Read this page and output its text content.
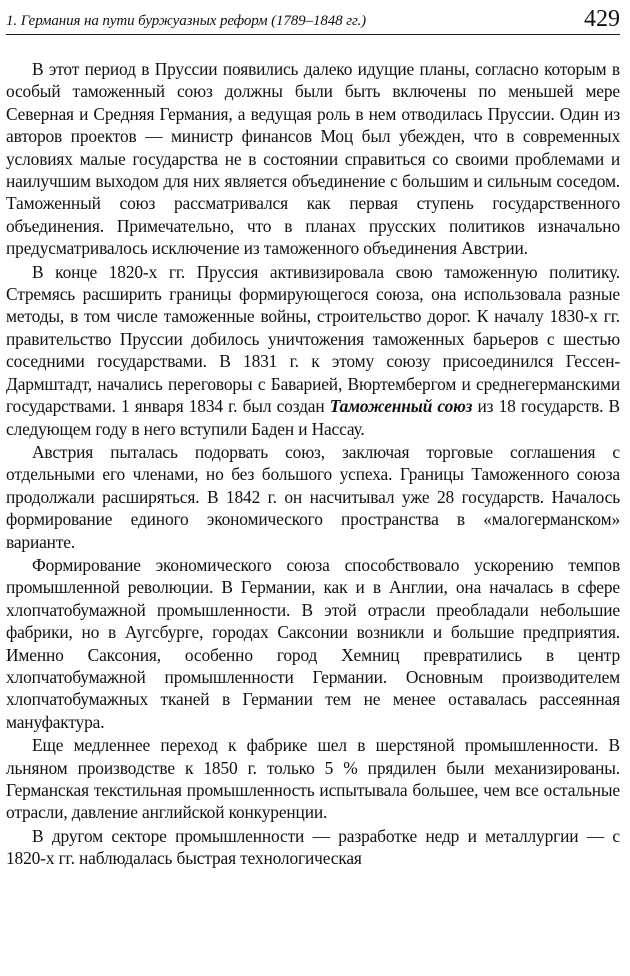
1. Германия на пути буржуазных реформ (1789–1848 гг.)	429

В этот период в Пруссии появились далеко идущие планы, согласно которым в особый таможенный союз должны были быть включены по меньшей мере Северная и Средняя Германия, а ведущая роль в нем отводилась Пруссии. Один из авторов проектов — министр финансов Моц был убежден, что в современных условиях малые государства не в состоянии справиться со своими проблемами и наилучшим выходом для них является объединение с большим и сильным соседом. Таможенный союз рассматривался как первая ступень государственного объединения. Примечательно, что в планах прусских политиков изначально предусматривалось исключение из таможенного объединения Австрии.

В конце 1820-х гг. Пруссия активизировала свою таможенную политику. Стремясь расширить границы формирующегося союза, она использовала разные методы, в том числе таможенные войны, строительство дорог. К началу 1830-х гг. правительство Пруссии добилось уничтожения таможенных барьеров с шестью соседними государствами. В 1831 г. к этому союзу присоединился Гессен-Дармштадт, начались переговоры с Баварией, Вюртембергом и среднегерманскими государствами. 1 января 1834 г. был создан Таможенный союз из 18 государств. В следующем году в него вступили Баден и Нассау.

Австрия пыталась подорвать союз, заключая торговые соглашения с отдельными его членами, но без большого успеха. Границы Таможенного союза продолжали расширяться. В 1842 г. он насчитывал уже 28 государств. Началось формирование единого экономического пространства в «малогерманском» варианте.

Формирование экономического союза способствовало ускорению темпов промышленной революции. В Германии, как и в Англии, она началась в сфере хлопчатобумажной промышленности. В этой отрасли преобладали небольшие фабрики, но в Аугсбурге, городах Саксонии возникли и большие предприятия. Именно Саксония, особенно город Хемниц превратились в центр хлопчатобумажной промышленности Германии. Основным производителем хлопчатобумажных тканей в Германии тем не менее оставалась рассеянная мануфактура.

Еще медленнее переход к фабрике шел в шерстяной промышленности. В льняном производстве к 1850 г. только 5 % прядилен были механизированы. Германская текстильная промышленность испытывала большее, чем все остальные отрасли, давление английской конкуренции.

В другом секторе промышленности — разработке недр и металлургии — с 1820-х гг. наблюдалась быстрая технологическая
